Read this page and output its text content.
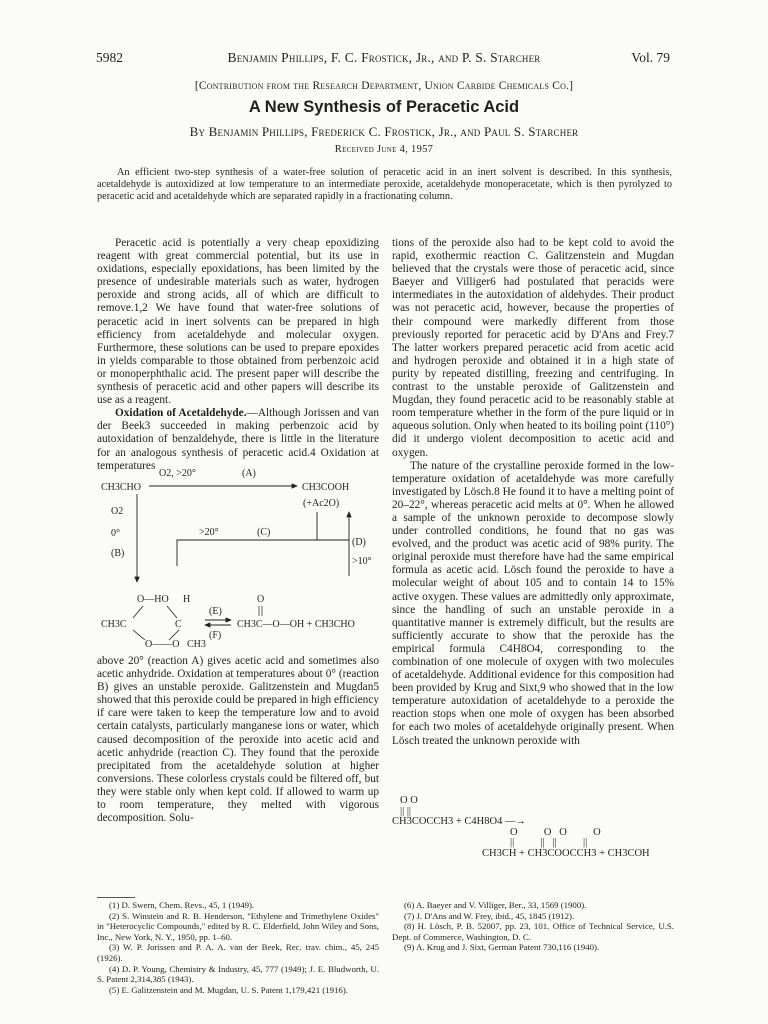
5982	Benjamin Phillips, F. C. Frostick, Jr., and P. S. Starcher	Vol. 79
[Contribution from the Research Department, Union Carbide Chemicals Co.]
A New Synthesis of Peracetic Acid
By Benjamin Phillips, Frederick C. Frostick, Jr., and Paul S. Starcher
Received June 4, 1957
An efficient two-step synthesis of a water-free solution of peracetic acid in an inert solvent is described. In this synthesis, acetaldehyde is autoxidized at low temperature to an intermediate peroxide, acetaldehyde monoperacetate, which is then pyrolyzed to peracetic acid and acetaldehyde which are separated rapidly in a fractionating column.

Peracetic acid is potentially a very cheap epoxidizing reagent with great commercial potential, but its use in oxidations, especially epoxidations, has been limited by the presence of undesirable materials such as water, hydrogen peroxide and strong acids, all of which are difficult to remove.1,2 We have found that water-free solutions of peracetic acid in inert solvents can be prepared in high efficiency from acetaldehyde and molecular oxygen. Furthermore, these solutions can be used to prepare epoxides in yields comparable to those obtained from perbenzoic acid or monoperphthalic acid. The present paper will describe the synthesis of peracetic acid and other papers will describe its use as a reagent.

Oxidation of Acetaldehyde.—Although Jorissen and van der Beek3 succeeded in making perbenzoic acid by autoxidation of benzaldehyde, there is little in the literature for an analogous synthesis of peracetic acid.4 Oxidation at temperatures

CH3CHO
O2, >20°	(A)
CH3COOH
(+Ac2O)
O2
0°
(B)
>20°	(C)
(D)
>10°
O—HO H
CH3C	C
O——O CH3
(E)
(F)
O
CH3C—O—OH + CH3CHO

above 20° (reaction A) gives acetic acid and sometimes also acetic anhydride. Oxidation at temperatures about 0° (reaction B) gives an unstable peroxide. Galitzenstein and Mugdan5 showed that this peroxide could be prepared in high efficiency if care were taken to keep the temperature low and to avoid certain catalysts, particularly manganese ions or water, which caused decomposition of the peroxide into acetic acid and acetic anhydride (reaction C). They found that the peroxide precipitated from the acetaldehyde solution at higher conversions. These colorless crystals could be filtered off, but they were stable only when kept cold. If allowed to warm up to room temperature, they melted with vigorous decomposition. Solu-

tions of the peroxide also had to be kept cold to avoid the rapid, exothermic reaction C. Galitzenstein and Mugdan believed that the crystals were those of peracetic acid, since Baeyer and Villiger6 had postulated that peracids were intermediates in the autoxidation of aldehydes. Their product was not peracetic acid, however, because the properties of their compound were markedly different from those previously reported for peracetic acid by D'Ans and Frey.7 The latter workers prepared peracetic acid from acetic acid and hydrogen peroxide and obtained it in a high state of purity by repeated distilling, freezing and centrifuging. In contrast to the unstable peroxide of Galitzenstein and Mugdan, they found peracetic acid to be reasonably stable at room temperature whether in the form of the pure liquid or in aqueous solution. Only when heated to its boiling point (110°) did it undergo violent decomposition to acetic acid and oxygen.

The nature of the crystalline peroxide formed in the low-temperature oxidation of acetaldehyde was more carefully investigated by Lösch.8 He found it to have a melting point of 20–22°, whereas peracetic acid melts at 0°. When he allowed a sample of the unknown peroxide to decompose slowly under controlled conditions, he found that no gas was evolved, and the product was acetic acid of 98% purity. The original peroxide must therefore have had the same empirical formula as acetic acid. Lösch found the peroxide to have a molecular weight of about 105 and to contain 14 to 15% active oxygen. These values are admittedly only approximate, since the handling of such an unstable peroxide in a quantitative manner is extremely difficult, but the results are sufficiently accurate to show that the peroxide has the empirical formula C4H8O4, corresponding to the combination of one molecule of oxygen with two molecules of acetaldehyde. Additional evidence for this composition had been provided by Krug and Sixt,9 who showed that in the low temperature autoxidation of acetaldehyde to a peroxide the reaction stops when one mole of oxygen has been absorbed for each two moles of acetaldehyde originally present. When Lösch treated the unknown peroxide with

O O
|| ||
CH3COCCH3 + C4H8O4 —→
O          O   O          O
||          ||   ||          ||
CH3CH + CH3COOCCH3 + CH3COH

(1) D. Swern, Chem. Revs., 45, 1 (1949).

(2) S. Winstein and R. B. Henderson, "Ethylene and Trimethylene Oxides" in "Heterocyclic Compounds," edited by R. C. Elderfield, John Wiley and Sons, Inc., New York, N. Y., 1950, pp. 1–60.

(3) W. P. Jorissen and P. A. A. van der Beek, Rec. trav. chim., 45, 245 (1926).

(4) D. P. Young, Chemistry & Industry, 45, 777 (1949); J. E. Bludworth, U. S. Patent 2,314,385 (1943).

(5) E. Galitzenstein and M. Mugdan, U. S. Patent 1,179,421 (1916).

(6) A. Baeyer and V. Villiger, Ber., 33, 1569 (1900).

(7) J. D'Ans and W. Frey, ibid., 45, 1845 (1912).

(8) H. Lösch, P. B. 52007, pp. 23, 101. Office of Technical Service, U.S. Dept. of Commerce, Washington, D. C.

(9) A. Krug and J. Sixt, German Patent 730,116 (1940).
